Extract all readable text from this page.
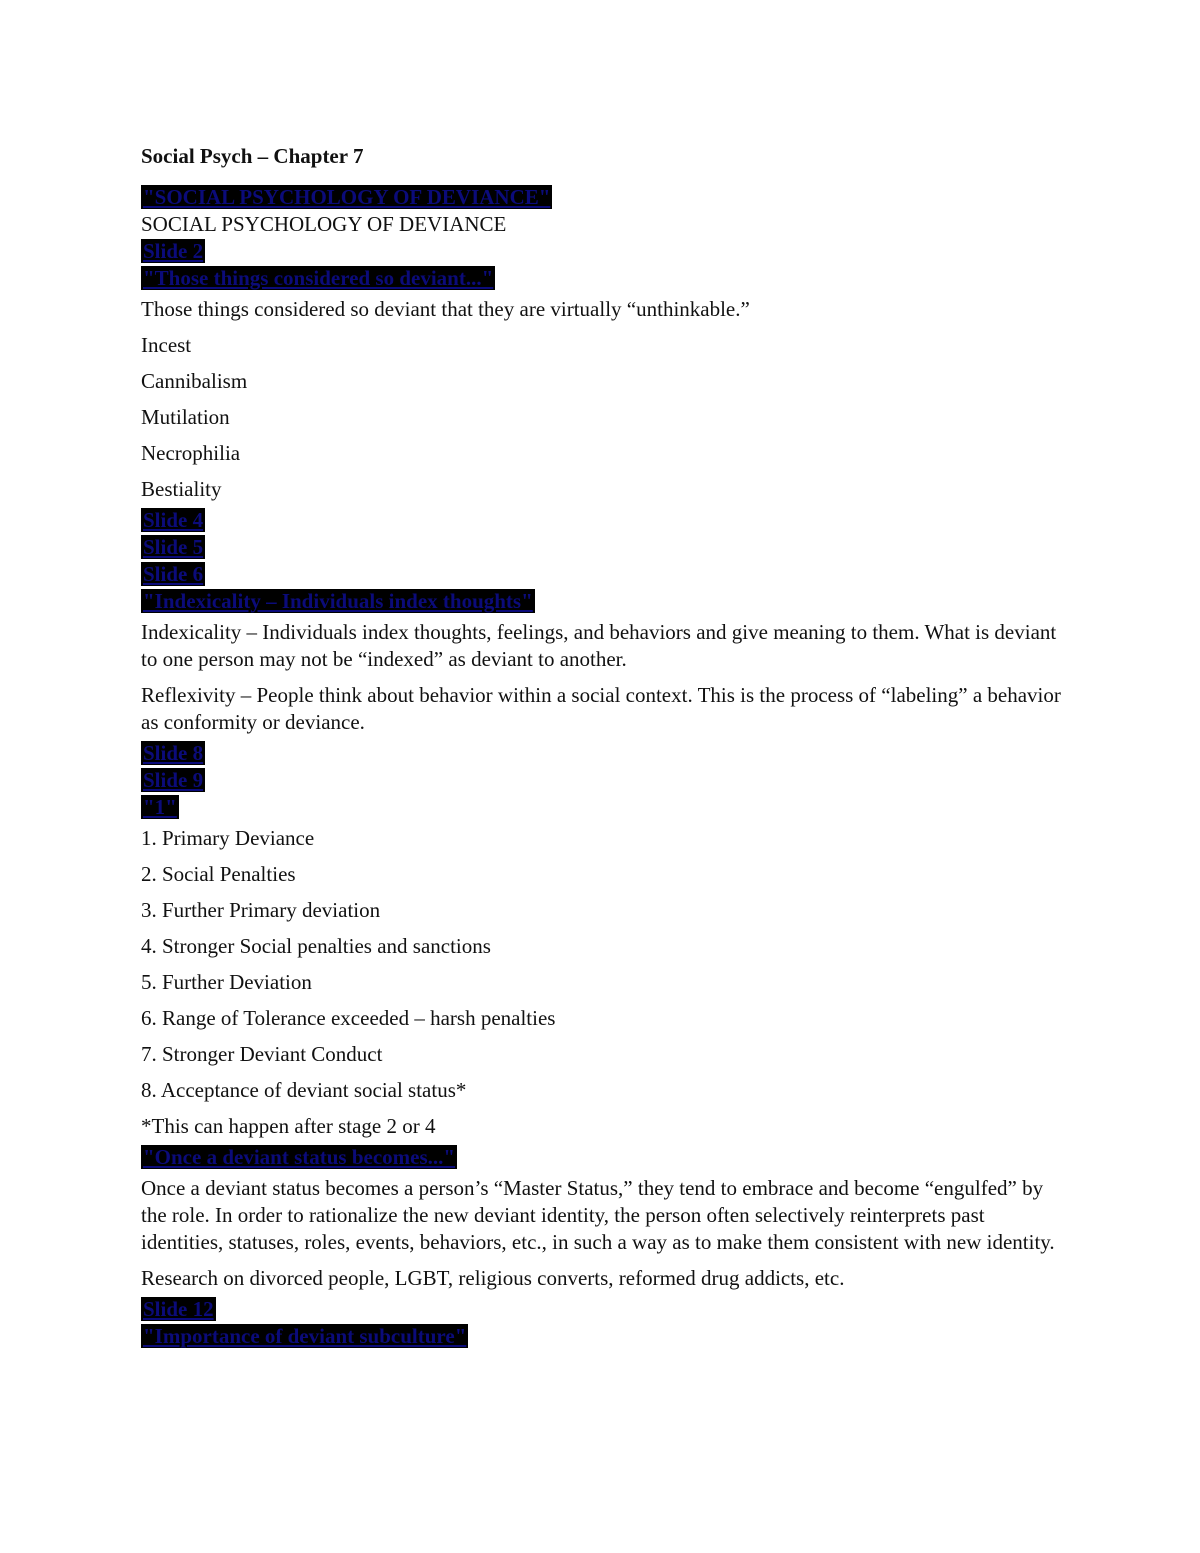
Social Psych – Chapter 7
"SOCIAL PSYCHOLOGY OF DEVIANCE"

SOCIAL PSYCHOLOGY OF DEVIANCE

Slide 2
"Those things considered so deviant..."

Those things considered so deviant that they are virtually “unthinkable.”

Incest

Cannibalism

Mutilation

Necrophilia

Bestiality

Slide 4
Slide 5
Slide 6
"Indexicality – Individuals index thoughts"

Indexicality – Individuals index thoughts, feelings, and behaviors and give meaning to them. What is deviant to one person may not be “indexed” as deviant to another.

Reflexivity – People think about behavior within a social context. This is the process of “labeling” a behavior as conformity or deviance.

Slide 8
Slide 9
"1"

1. Primary Deviance

2. Social Penalties

3. Further Primary deviation

4. Stronger Social penalties and sanctions

5. Further Deviation

6. Range of Tolerance exceeded – harsh penalties

7. Stronger Deviant Conduct

8. Acceptance of deviant social status*

*This can happen after stage 2 or 4

"Once a deviant status becomes..."

Once a deviant status becomes a person’s “Master Status,” they tend to embrace and become “engulfed” by the role. In order to rationalize the new deviant identity, the person often selectively reinterprets past identities, statuses, roles, events, behaviors, etc., in such a way as to make them consistent with new identity.

Research on divorced people, LGBT, religious converts, reformed drug addicts, etc.

Slide 12
"Importance of deviant subculture"
